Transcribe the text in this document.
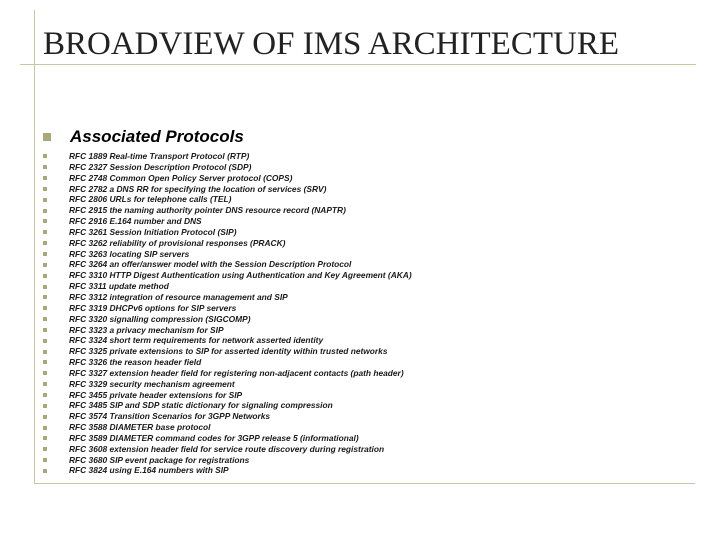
BROADVIEW OF IMS ARCHITECTURE
Associated Protocols
RFC 1889 Real-time Transport Protocol (RTP)
RFC 2327 Session Description Protocol (SDP)
RFC 2748 Common Open Policy Server protocol (COPS)
RFC 2782 a DNS RR for specifying the location of services (SRV)
RFC 2806 URLs for telephone calls (TEL)
RFC 2915 the naming authority pointer DNS resource record (NAPTR)
RFC 2916 E.164 number and DNS
RFC 3261 Session Initiation Protocol (SIP)
RFC 3262 reliability of provisional responses (PRACK)
RFC 3263 locating SIP servers
RFC 3264 an offer/answer model with the Session Description Protocol
RFC 3310 HTTP Digest Authentication using Authentication and Key Agreement (AKA)
RFC 3311 update method
RFC 3312 integration of resource management and SIP
RFC 3319 DHCPv6 options for SIP servers
RFC 3320 signalling compression (SIGCOMP)
RFC 3323 a privacy mechanism for SIP
RFC 3324 short term requirements for network asserted identity
RFC 3325 private extensions to SIP for asserted identity within trusted networks
RFC 3326 the reason header field
RFC 3327 extension header field for registering non-adjacent contacts (path header)
RFC 3329 security mechanism agreement
RFC 3455 private header extensions for SIP
RFC 3485 SIP and SDP static dictionary for signaling compression
RFC 3574 Transition Scenarios for 3GPP Networks
RFC 3588 DIAMETER base protocol
RFC 3589 DIAMETER command codes for 3GPP release 5 (informational)
RFC 3608 extension header field for service route discovery during registration
RFC 3680 SIP event package for registrations
RFC 3824 using E.164 numbers with SIP
